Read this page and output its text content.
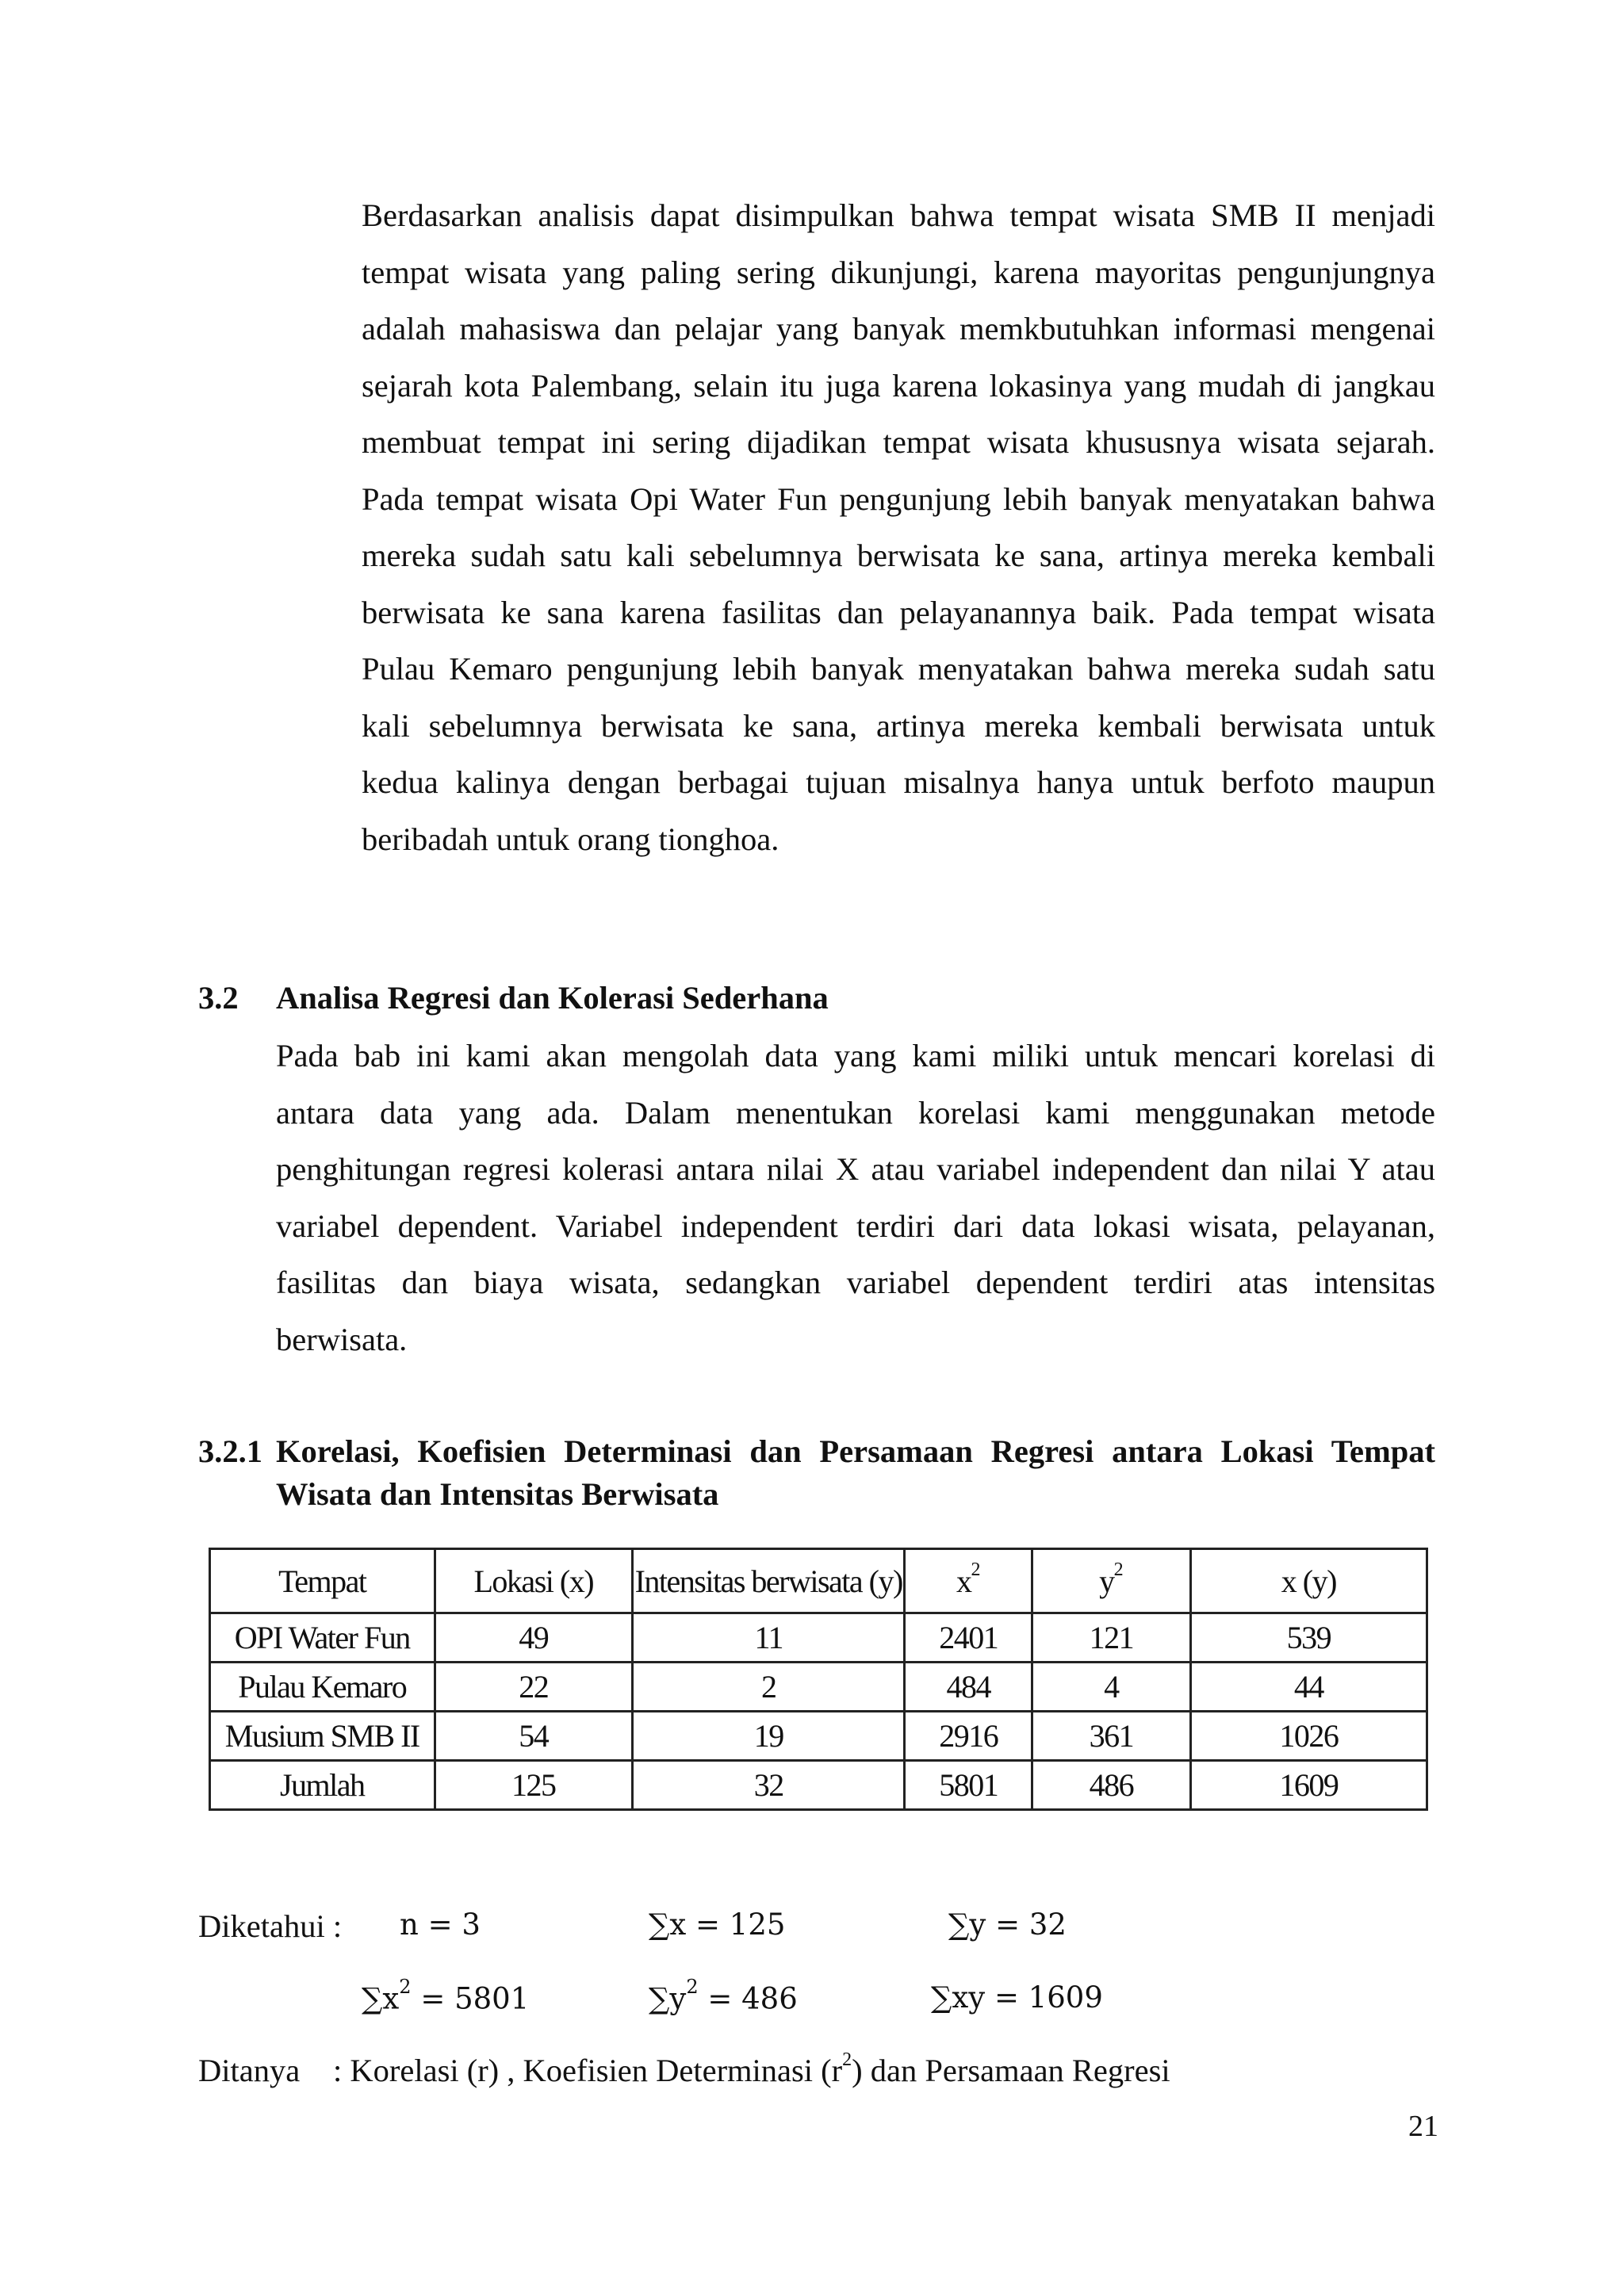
Berdasarkan analisis dapat disimpulkan bahwa tempat wisata SMB II menjadi
tempat wisata yang paling sering dikunjungi, karena mayoritas pengunjungnya
adalah mahasiswa dan pelajar yang banyak memkbutuhkan informasi mengenai
sejarah kota Palembang, selain itu juga karena lokasinya yang mudah di jangkau
membuat tempat ini sering dijadikan tempat wisata khususnya wisata sejarah.
Pada tempat wisata Opi Water Fun pengunjung lebih banyak menyatakan bahwa
mereka sudah satu kali sebelumnya berwisata ke sana, artinya mereka kembali
berwisata ke sana karena fasilitas dan pelayanannya baik. Pada tempat wisata
Pulau Kemaro pengunjung lebih banyak menyatakan bahwa mereka sudah satu
kali sebelumnya berwisata ke sana, artinya mereka kembali berwisata untuk
kedua kalinya dengan berbagai tujuan misalnya hanya untuk berfoto maupun
beribadah untuk orang tionghoa.
3.2 Analisa Regresi dan Kolerasi Sederhana
Pada bab ini kami akan mengolah data yang kami miliki untuk mencari korelasi di
antara data yang ada. Dalam menentukan korelasi kami menggunakan metode
penghitungan regresi kolerasi antara nilai X atau variabel independent dan nilai Y atau
variabel dependent. Variabel independent terdiri dari data lokasi wisata, pelayanan,
fasilitas dan biaya wisata, sedangkan variabel dependent terdiri atas intensitas
berwisata.
3.2.1 Korelasi, Koefisien Determinasi dan Persamaan Regresi antara Lokasi Tempat
Wisata dan Intensitas Berwisata
Tempat	Lokasi (x)	Intensitas berwisata (y)	$x^2$	$y^2$	x (y)
OPI Water Fun	49	11	2401	121	539
Pulau Kemaro	22	2	484	4	44
Musium SMB II	54	19	2916	361	1026
Jumlah	125	32	5801	486	1609
Diketahui : n = 3	∑x = 125	∑y = 32
$\sum x^2 = 5801$	$\sum y^2 = 486$	∑xy = 1609
Ditanya : Korelasi (r) , Koefisien Determinasi $(r^2)$ dan Persamaan Regresi
21
